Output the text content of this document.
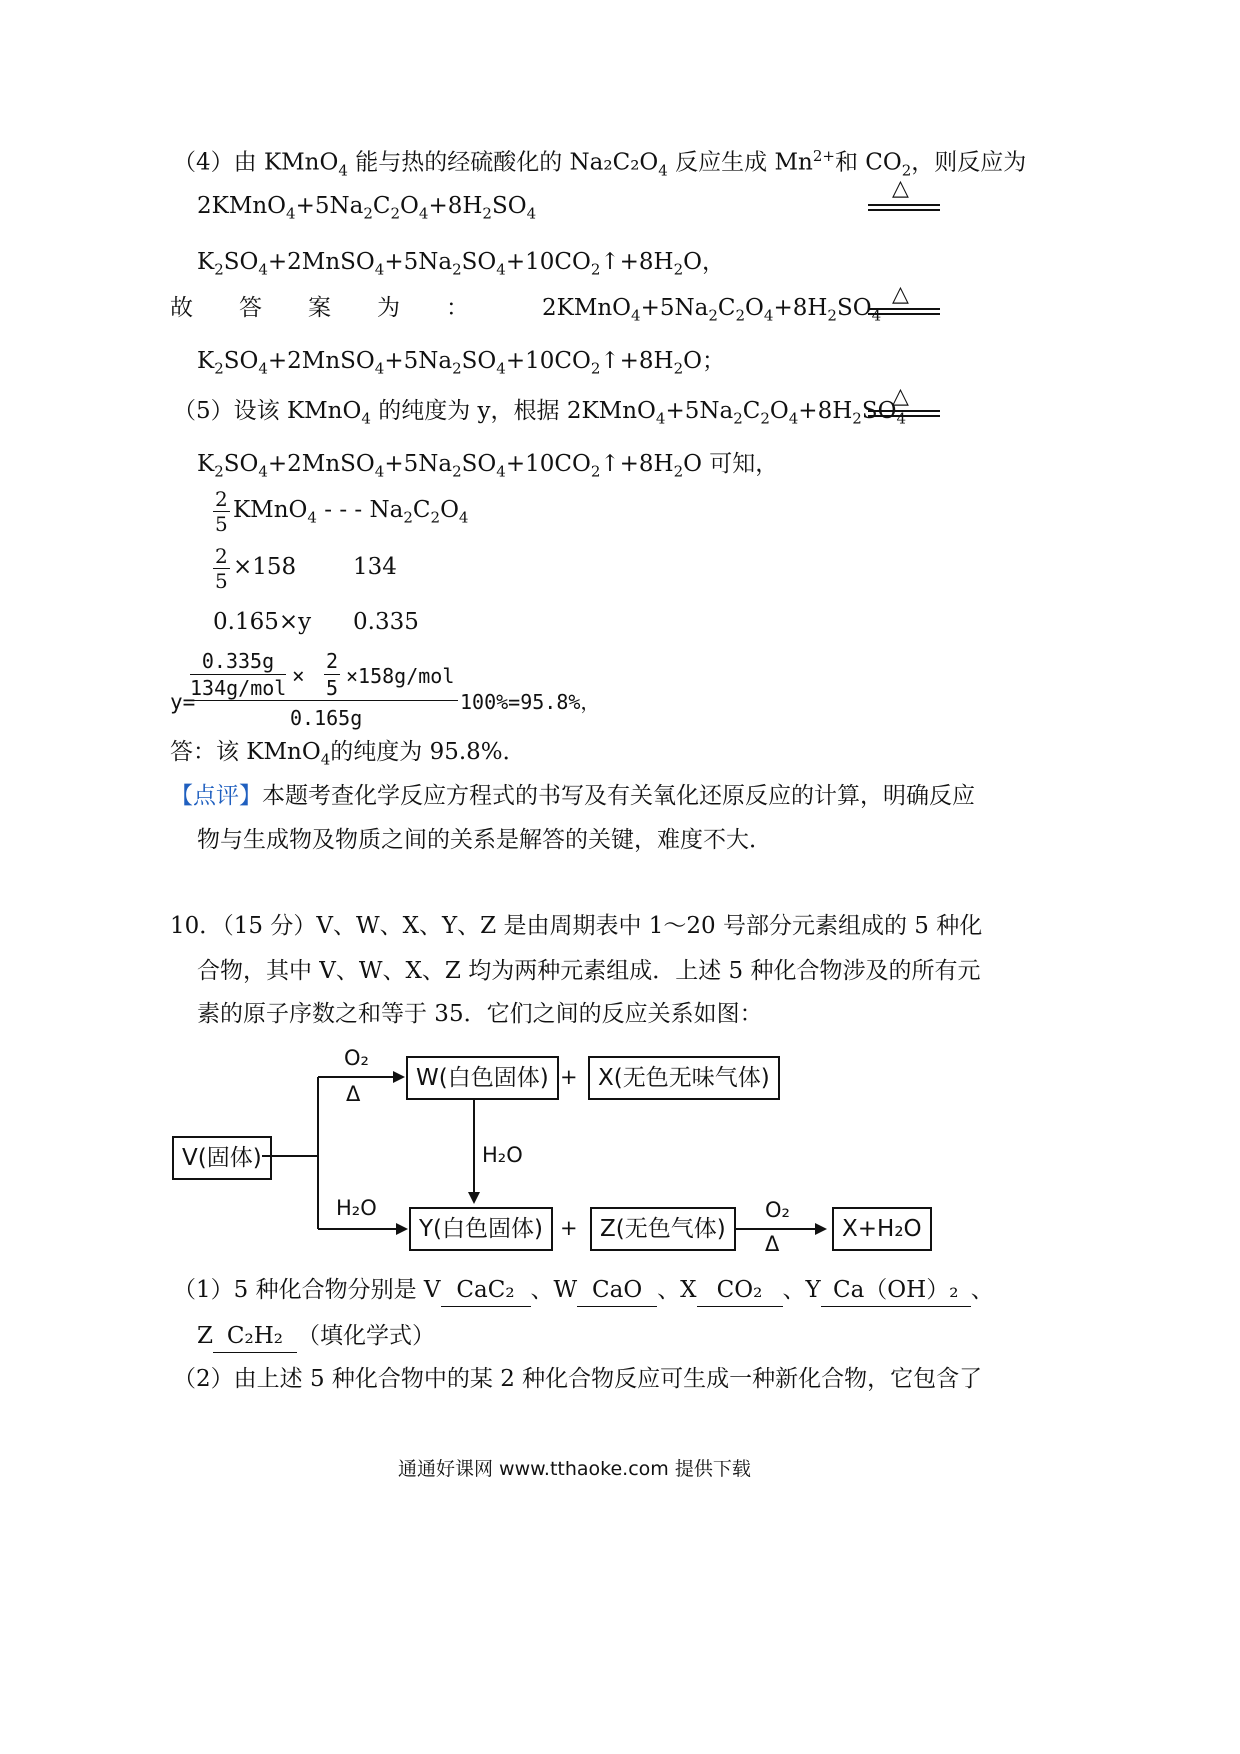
（4）由 KMnO$_4$ 能与热的经硫酸化的 $Na_2C_2O_4$ 反应生成 $Mn^{2+}$和 $CO_2$，则反应为
$2KMnO_4+5Na_2C_2O_4+8H_2SO_4$
△
$K_2SO_4+2MnSO_4+5Na_2SO_4+10CO_2↑+8H_2O$，
故　　答　　案　　为　　：	$2KMnO_4+5Na_2C_2O_4+8H_2SO_4$
△
$K_2SO_4+2MnSO_4+5Na_2SO_4+10CO_2↑+8H_2O$；
（5）设该 KMnO$_4$ 的纯度为 y，根据 $2KMnO_4+5Na_2C_2O_4+8H_2SO_4$
△
$K_2SO_4+2MnSO_4+5Na_2SO_4+10CO_2↑+8H_2O$ 可知，
$\frac{2}{5}$ KMnO$_4$ - - - $Na_2C_2O_4$
$\frac{2}{5} \times 158$ 134
0.165×y 0.335
y=
0.335g
$134g/mol \times \frac{2}{5} \times 158g/mol$
0.165g
100%=95.8%，
答：该 KMnO$_4$的纯度为 95.8%．
【点评】本题考查化学反应方程式的书写及有关氧化还原反应的计算，明确反应
物与生成物及物质之间的关系是解答的关键，难度不大．
10．（15 分）V、W、X、Y、Z 是由周期表中 1～20 号部分元素组成的 5 种化
合物，其中 V、W、X、Z 均为两种元素组成．上述 5 种化合物涉及的所有元
素的原子序数之和等于 35．它们之间的反应关系如图：
V(固体)
W(白色固体) + X(无色无味气体)
Y(白色固体) + Z(无色气体)	X+H₂O
O₂
Δ
H₂O
H₂O	O₂
Δ
（1）5 种化合物分别是 V CaC₂ 、W CaO 、X CO₂ 、Y Ca（OH）₂ 、
Z C₂H₂ （填化学式）
（2）由上述 5 种化合物中的某 2 种化合物反应可生成一种新化合物，它包含了
通通好课网 www.tthaoke.com 提供下载
